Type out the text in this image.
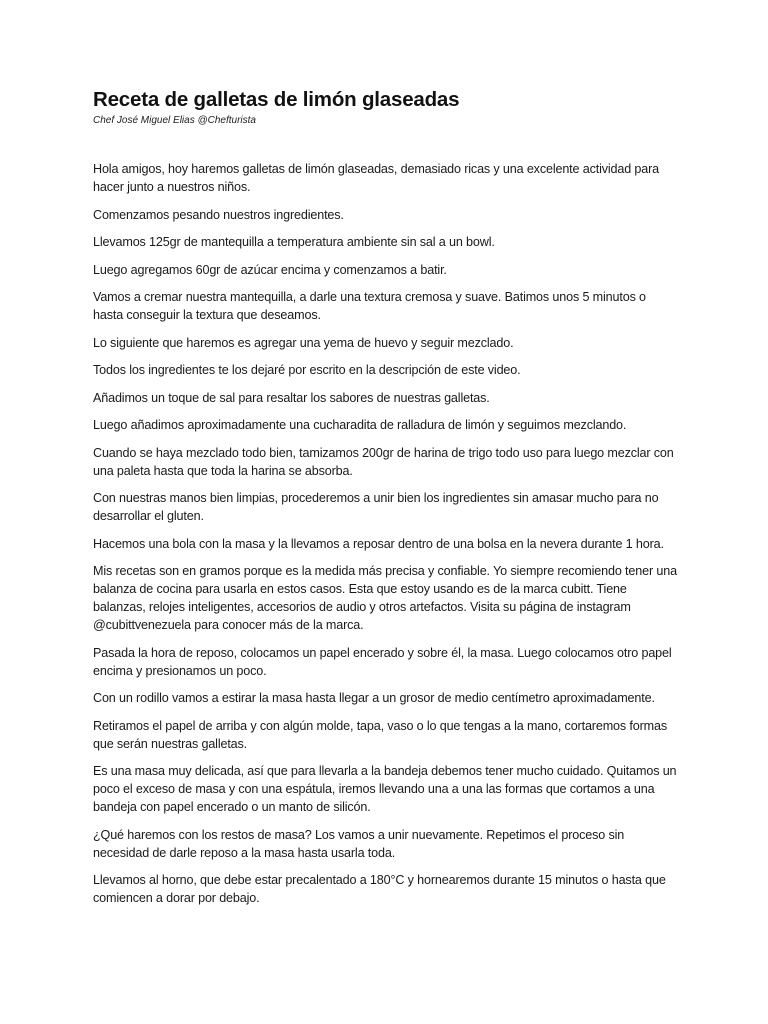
Receta de galletas de limón glaseadas

Chef José Miguel Elias @Chefturista

Hola amigos, hoy haremos galletas de limón glaseadas, demasiado ricas y una excelente actividad para hacer junto a nuestros niños.

Comenzamos pesando nuestros ingredientes.

Llevamos 125gr de mantequilla a temperatura ambiente sin sal a un bowl.

Luego agregamos 60gr de azúcar encima y comenzamos a batir.

Vamos a cremar nuestra mantequilla, a darle una textura cremosa y suave. Batimos unos 5 minutos o hasta conseguir la textura que deseamos.

Lo siguiente que haremos es agregar una yema de huevo y seguir mezclado.

Todos los ingredientes te los dejaré por escrito en la descripción de este video.

Añadimos un toque de sal para resaltar los sabores de nuestras galletas.

Luego añadimos aproximadamente una cucharadita de ralladura de limón y seguimos mezclando.

Cuando se haya mezclado todo bien, tamizamos 200gr de harina de trigo todo uso para luego mezclar con una paleta hasta que toda la harina se absorba.

Con nuestras manos bien limpias, procederemos a unir bien los ingredientes sin amasar mucho para no desarrollar el gluten.

Hacemos una bola con la masa y la llevamos a reposar dentro de una bolsa en la nevera durante 1 hora.

Mis recetas son en gramos porque es la medida más precisa y confiable. Yo siempre recomiendo tener una balanza de cocina para usarla en estos casos. Esta que estoy usando es de la marca cubitt. Tiene balanzas, relojes inteligentes, accesorios de audio y otros artefactos. Visita su página de instagram @cubittvenezuela para conocer más de la marca.

Pasada la hora de reposo, colocamos un papel encerado y sobre él, la masa. Luego colocamos otro papel encima y presionamos un poco.

Con un rodillo vamos a estirar la masa hasta llegar a un grosor de medio centímetro aproximadamente.

Retiramos el papel de arriba y con algún molde, tapa, vaso o lo que tengas a la mano, cortaremos formas que serán nuestras galletas.

Es una masa muy delicada, así que para llevarla a la bandeja debemos tener mucho cuidado. Quitamos un poco el exceso de masa y con una espátula, iremos llevando una a una las formas que cortamos a una bandeja con papel encerado o un manto de silicón.

¿Qué haremos con los restos de masa? Los vamos a unir nuevamente. Repetimos el proceso sin necesidad de darle reposo a la masa hasta usarla toda.

Llevamos al horno, que debe estar precalentado a 180°C y hornearemos durante 15 minutos o hasta que comiencen a dorar por debajo.
